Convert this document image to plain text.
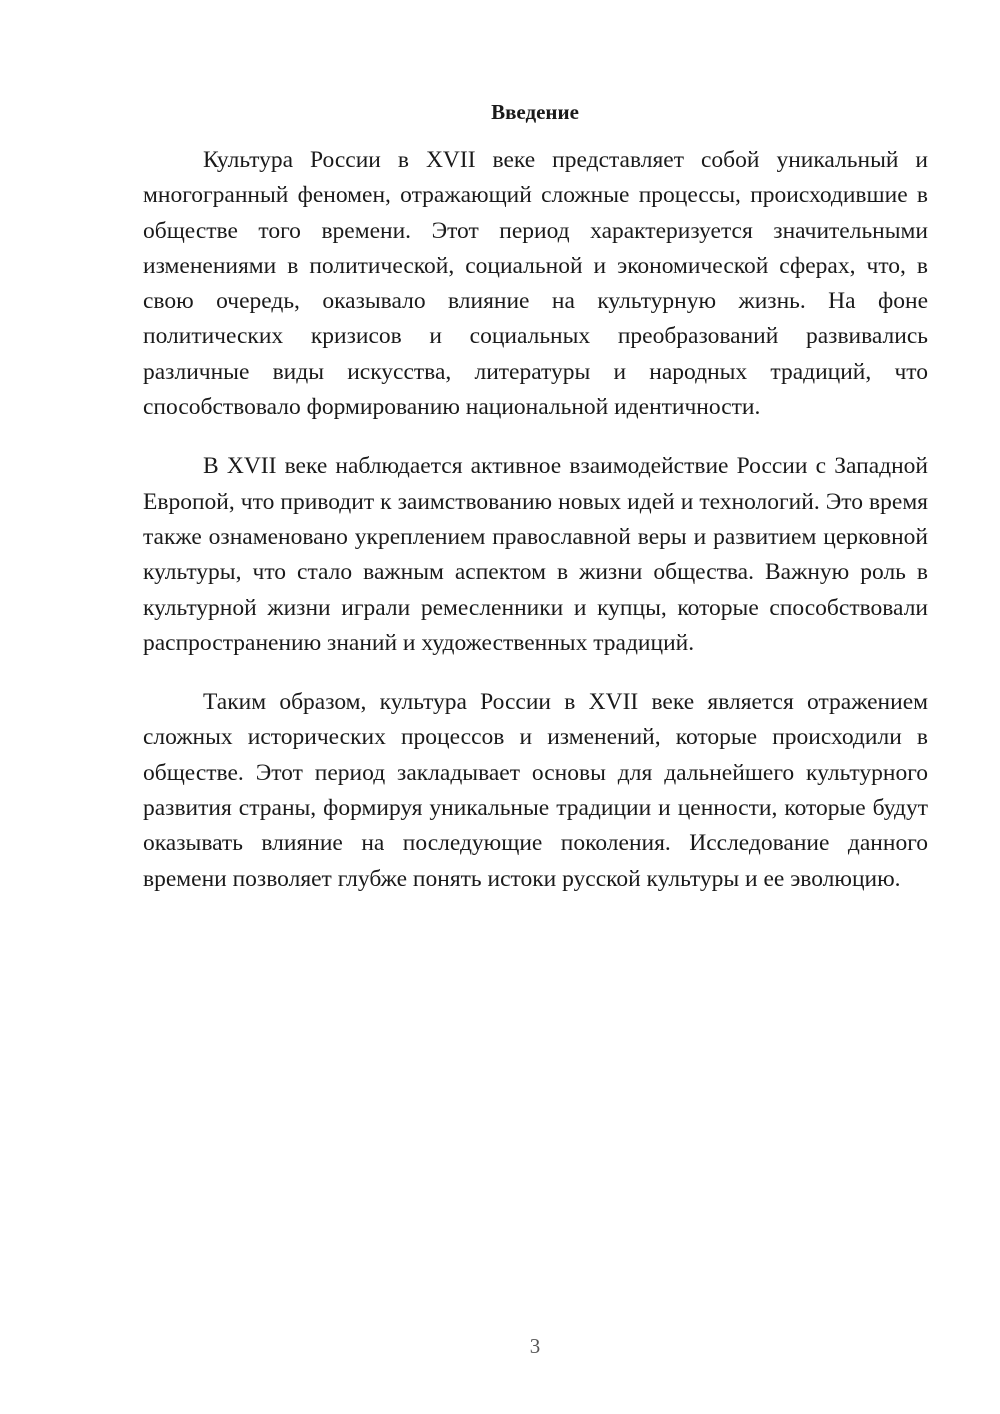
Введение

Культура России в XVII веке представляет собой уникальный и многогранный феномен, отражающий сложные процессы, происходившие в обществе того времени. Этот период характеризуется значительными изменениями в политической, социальной и экономической сферах, что, в свою очередь, оказывало влияние на культурную жизнь. На фоне политических кризисов и социальных преобразований развивались различные виды искусства, литературы и народных традиций, что способствовало формированию национальной идентичности.

В XVII веке наблюдается активное взаимодействие России с Западной Европой, что приводит к заимствованию новых идей и технологий. Это время также ознаменовано укреплением православной веры и развитием церковной культуры, что стало важным аспектом в жизни общества. Важную роль в культурной жизни играли ремесленники и купцы, которые способствовали распространению знаний и художественных традиций.

Таким образом, культура России в XVII веке является отражением сложных исторических процессов и изменений, которые происходили в обществе. Этот период закладывает основы для дальнейшего культурного развития страны, формируя уникальные традиции и ценности, которые будут оказывать влияние на последующие поколения. Исследование данного времени позволяет глубже понять истоки русской культуры и ее эволюцию.

3
